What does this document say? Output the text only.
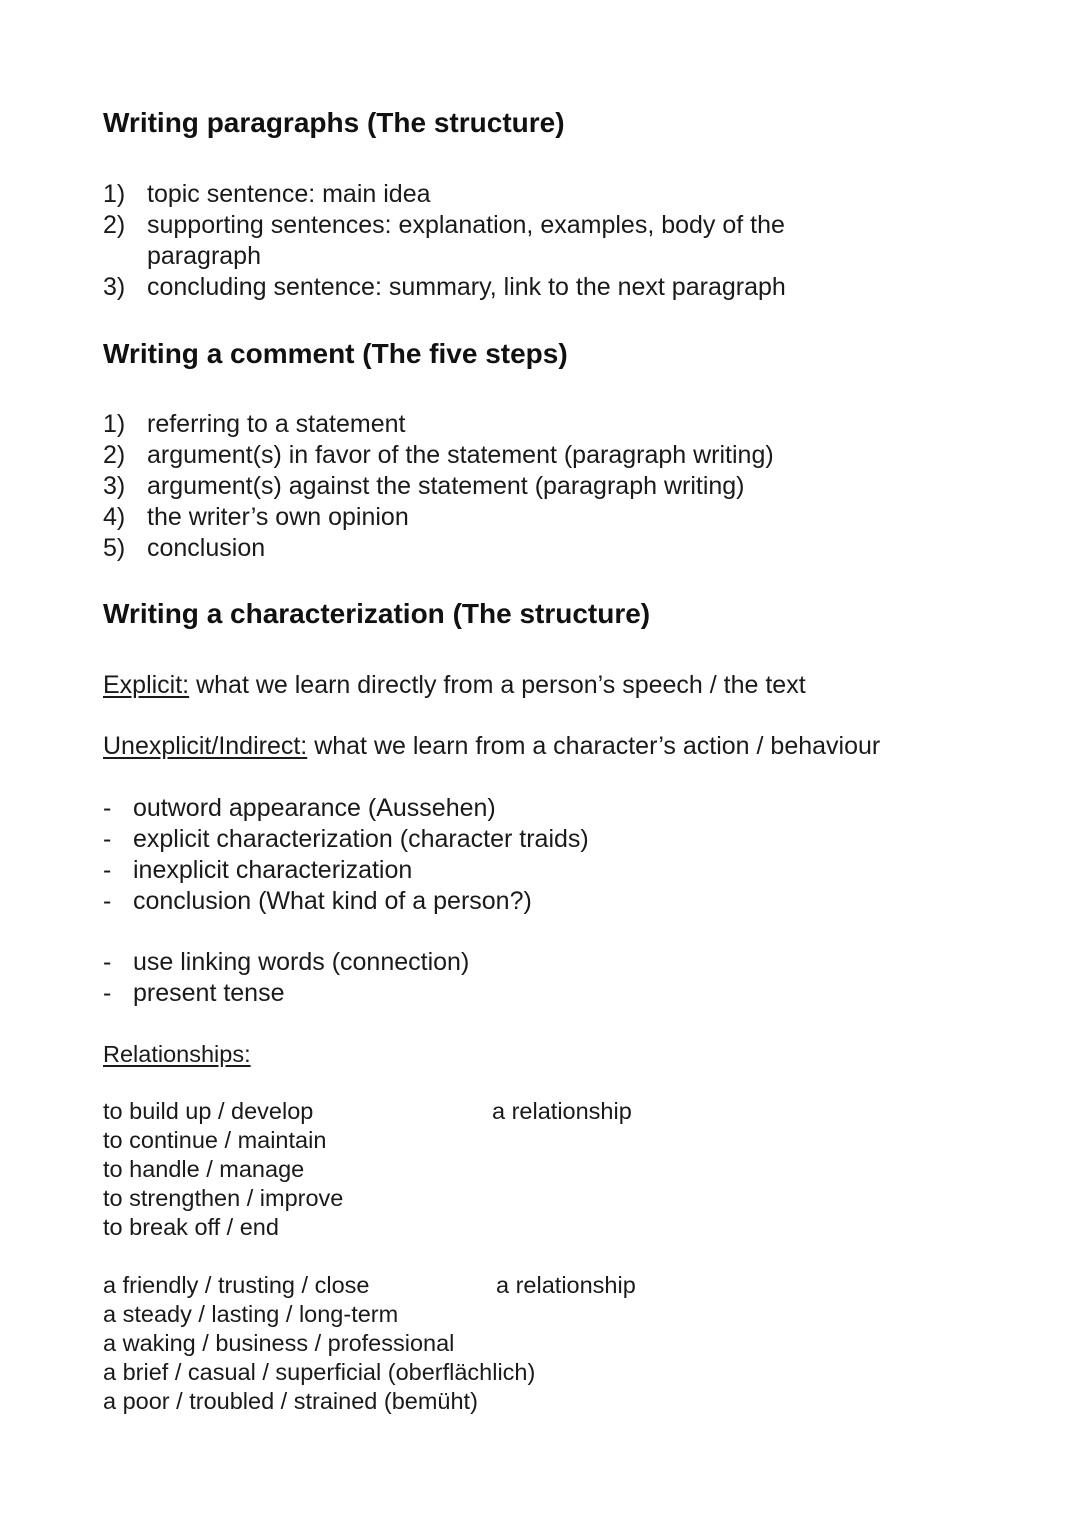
Writing paragraphs (The structure)
1) topic sentence: main idea
2) supporting sentences: explanation, examples, body of the paragraph
3) concluding sentence: summary, link to the next paragraph
Writing a comment (The five steps)
1) referring to a statement
2) argument(s) in favor of the statement (paragraph writing)
3) argument(s) against the statement (paragraph writing)
4) the writer’s own opinion
5) conclusion
Writing a characterization (The structure)

Explicit: what we learn directly from a person’s speech / the text

Unexplicit/Indirect: what we learn from a character’s action / behaviour

- outword appearance (Aussehen)
- explicit characterization (character traids)
- inexplicit characterization
- conclusion (What kind of a person?)
- use linking words (connection)
- present tense

Relationships:

to build up / develop
to continue / maintain
to handle / manage
to strengthen / improve
to break off / end
a relationship
a friendly / trusting / close
a steady / lasting / long-term
a waking / business / professional
a brief / casual / superficial (oberflächlich)
a poor / troubled / strained (bemüht)
a relationship
